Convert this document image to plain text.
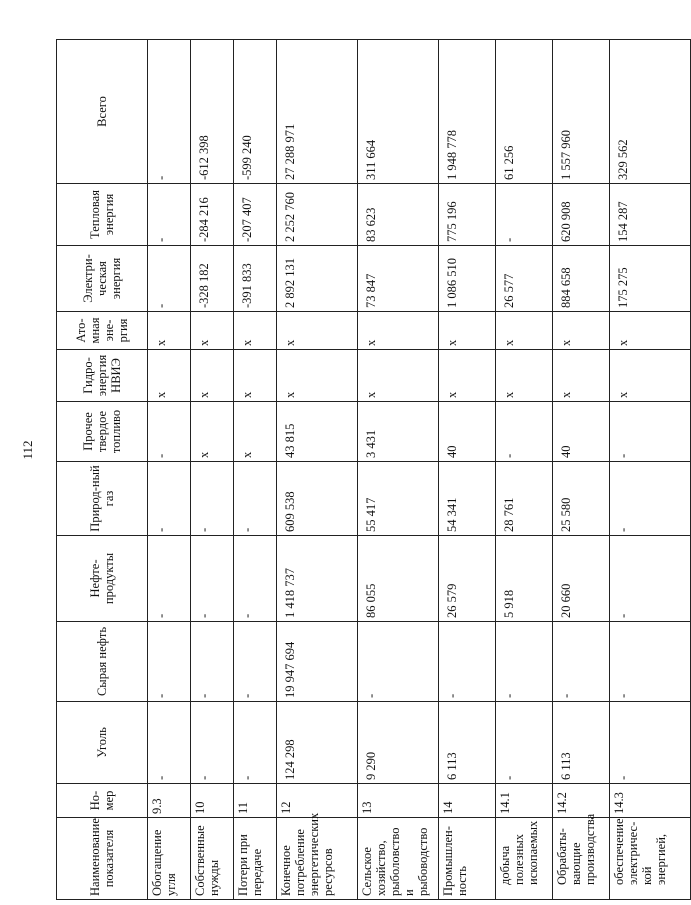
112
Наименование показателя	Но-мер	Уголь	Сырая нефть	Нефте-продукты	Природ-ный газ	Прочее твердое топливо	Гидро-энергия НВИЭ	Ато-мная эне-ргия	Электри-ческая энергия	Тепловая энергия	Всего
Обогащение угля	9.3	-	-	-	-	-	x	x	-	-	-
Собственные нужды	10	-	-	-	-	x	x	x	-328 182	-284 216	-612 398
Потери при передаче	11	-	-	-	-	x	x	x	-391 833	-207 407	-599 240
Конечное потребление энергетических ресурсов	12	124 298	19 947 694	1 418 737	609 538	43 815	x	x	2 892 131	2 252 760	27 288 971
Сельское хозяйство, рыболовство и рыбоводство	13	9 290	-	86 055	55 417	3 431	x	x	73 847	83 623	311 664
Промышлен-ность	14	6 113	-	26 579	54 341	40	x	x	1 086 510	775 196	1 948 778
добыча полезных ископаемых	14.1	-	-	5 918	28 761	-	x	x	26 577	-	61 256
Обрабаты-вающие производства	14.2	6 113	-	20 660	25 580	40	x	x	884 658	620 908	1 557 960
обеспечение электричес-кой энергией,	14.3	-	-	-	-	-	x	x	175 275	154 287	329 562
